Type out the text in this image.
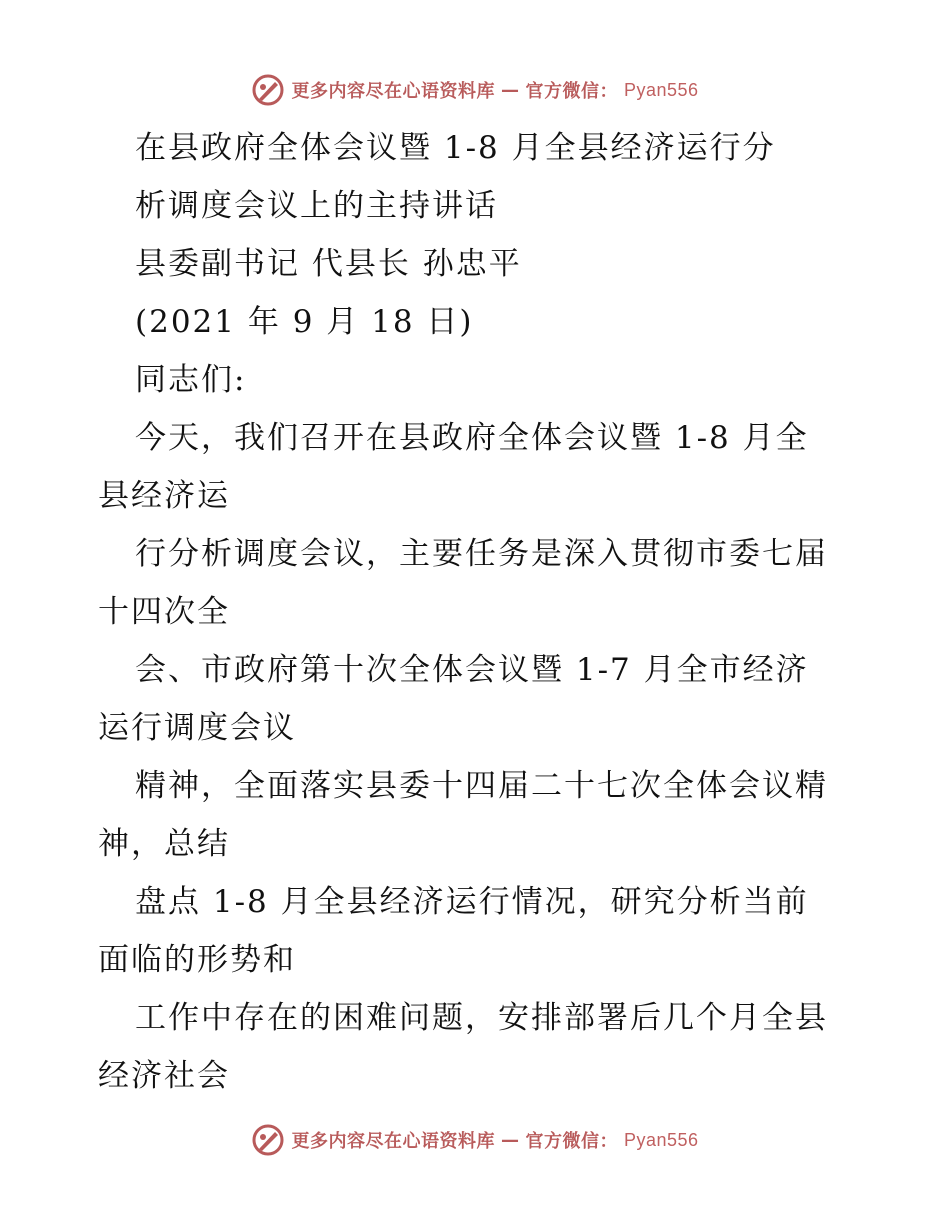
更多内容尽在心语资料库 — 官方微信： Pyan556
在县政府全体会议暨 1-8 月全县经济运行分
析调度会议上的主持讲话
县委副书记 代县长 孙忠平
(2021 年 9 月 18 日)
同志们:
今天，我们召开在县政府全体会议暨 1-8 月全
县经济运
行分析调度会议，主要任务是深入贯彻市委七届
十四次全
会、市政府第十次全体会议暨 1-7 月全市经济
运行调度会议
精神，全面落实县委十四届二十七次全体会议精
神，总结
盘点 1-8 月全县经济运行情况，研究分析当前
面临的形势和
工作中存在的困难问题，安排部署后几个月全县
经济社会
更多内容尽在心语资料库 — 官方微信： Pyan556
